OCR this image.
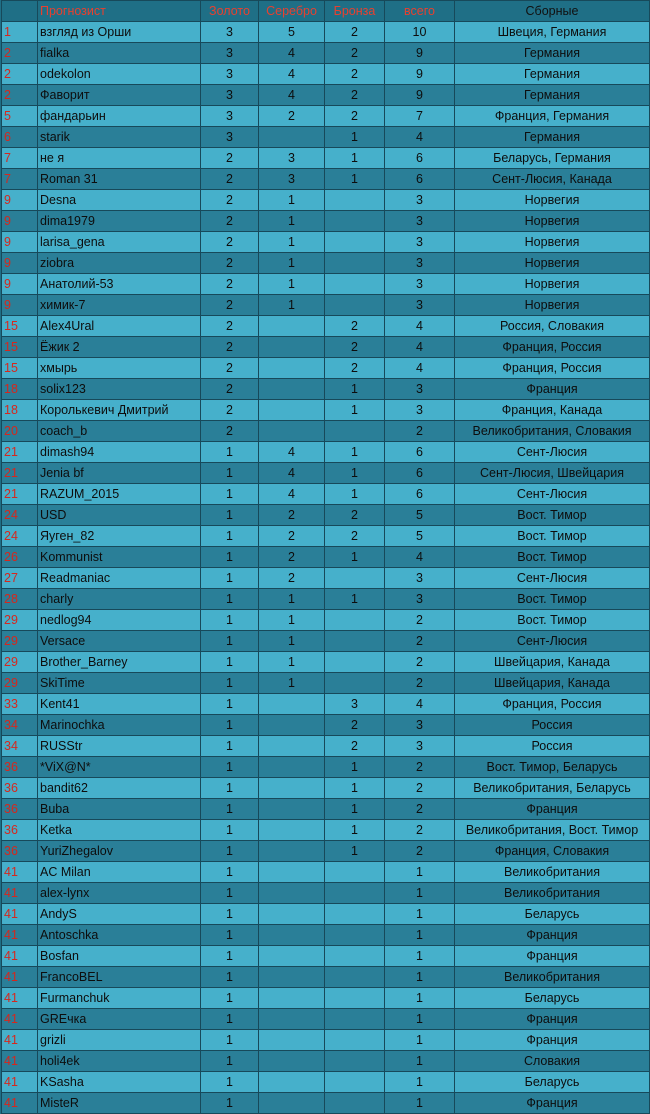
	Прогнозист	Золото	Серебро	Бронза	всего	Сборные
1	взгляд из Орши	3	5	2	10	Швеция, Германия
2	fialka	3	4	2	9	Германия
2	odekolon	3	4	2	9	Германия
2	Фаворит	3	4	2	9	Германия
5	фандарьин	3	2	2	7	Франция, Германия
6	starik	3		1	4	Германия
7	не я	2	3	1	6	Беларусь, Германия
7	Roman 31	2	3	1	6	Сент-Люсия, Канада
9	Desna	2	1		3	Норвегия
9	dima1979	2	1		3	Норвегия
9	larisa_gena	2	1		3	Норвегия
9	ziobra	2	1		3	Норвегия
9	Анатолий-53	2	1		3	Норвегия
9	химик-7	2	1		3	Норвегия
15	Alex4Ural	2		2	4	Россия, Словакия
15	Ёжик 2	2		2	4	Франция, Россия
15	хмырь	2		2	4	Франция, Россия
18	solix123	2		1	3	Франция
18	Королькевич Дмитрий	2		1	3	Франция, Канада
20	coach_b	2			2	Великобритания, Словакия
21	dimash94	1	4	1	6	Сент-Люсия
21	Jenia bf	1	4	1	6	Сент-Люсия, Швейцария
21	RAZUM_2015	1	4	1	6	Сент-Люсия
24	USD	1	2	2	5	Вост. Тимор
24	Яуген_82	1	2	2	5	Вост. Тимор
26	Kommunist	1	2	1	4	Вост. Тимор
27	Readmaniac	1	2		3	Сент-Люсия
28	charly	1	1	1	3	Вост. Тимор
29	nedlog94	1	1		2	Вост. Тимор
29	Versace	1	1		2	Сент-Люсия
29	Brother_Barney	1	1		2	Швейцария, Канада
29	SkiTime	1	1		2	Швейцария, Канада
33	Kent41	1		3	4	Франция, Россия
34	Marinochka	1		2	3	Россия
34	RUSStr	1		2	3	Россия
36	*ViX@N*	1		1	2	Вост. Тимор, Беларусь
36	bandit62	1		1	2	Великобритания, Беларусь
36	Buba	1		1	2	Франция
36	Ketka	1		1	2	Великобритания, Вост. Тимор
36	YuriZhegalov	1		1	2	Франция, Словакия
41	AC Milan	1			1	Великобритания
41	alex-lynx	1			1	Великобритания
41	AndyS	1			1	Беларусь
41	Antoschka	1			1	Франция
41	Bosfan	1			1	Франция
41	FrancoBEL	1			1	Великобритания
41	Furmanchuk	1			1	Беларусь
41	GREчка	1			1	Франция
41	grizli	1			1	Франция
41	holi4ek	1			1	Словакия
41	KSasha	1			1	Беларусь
41	MisteR	1			1	Франция
